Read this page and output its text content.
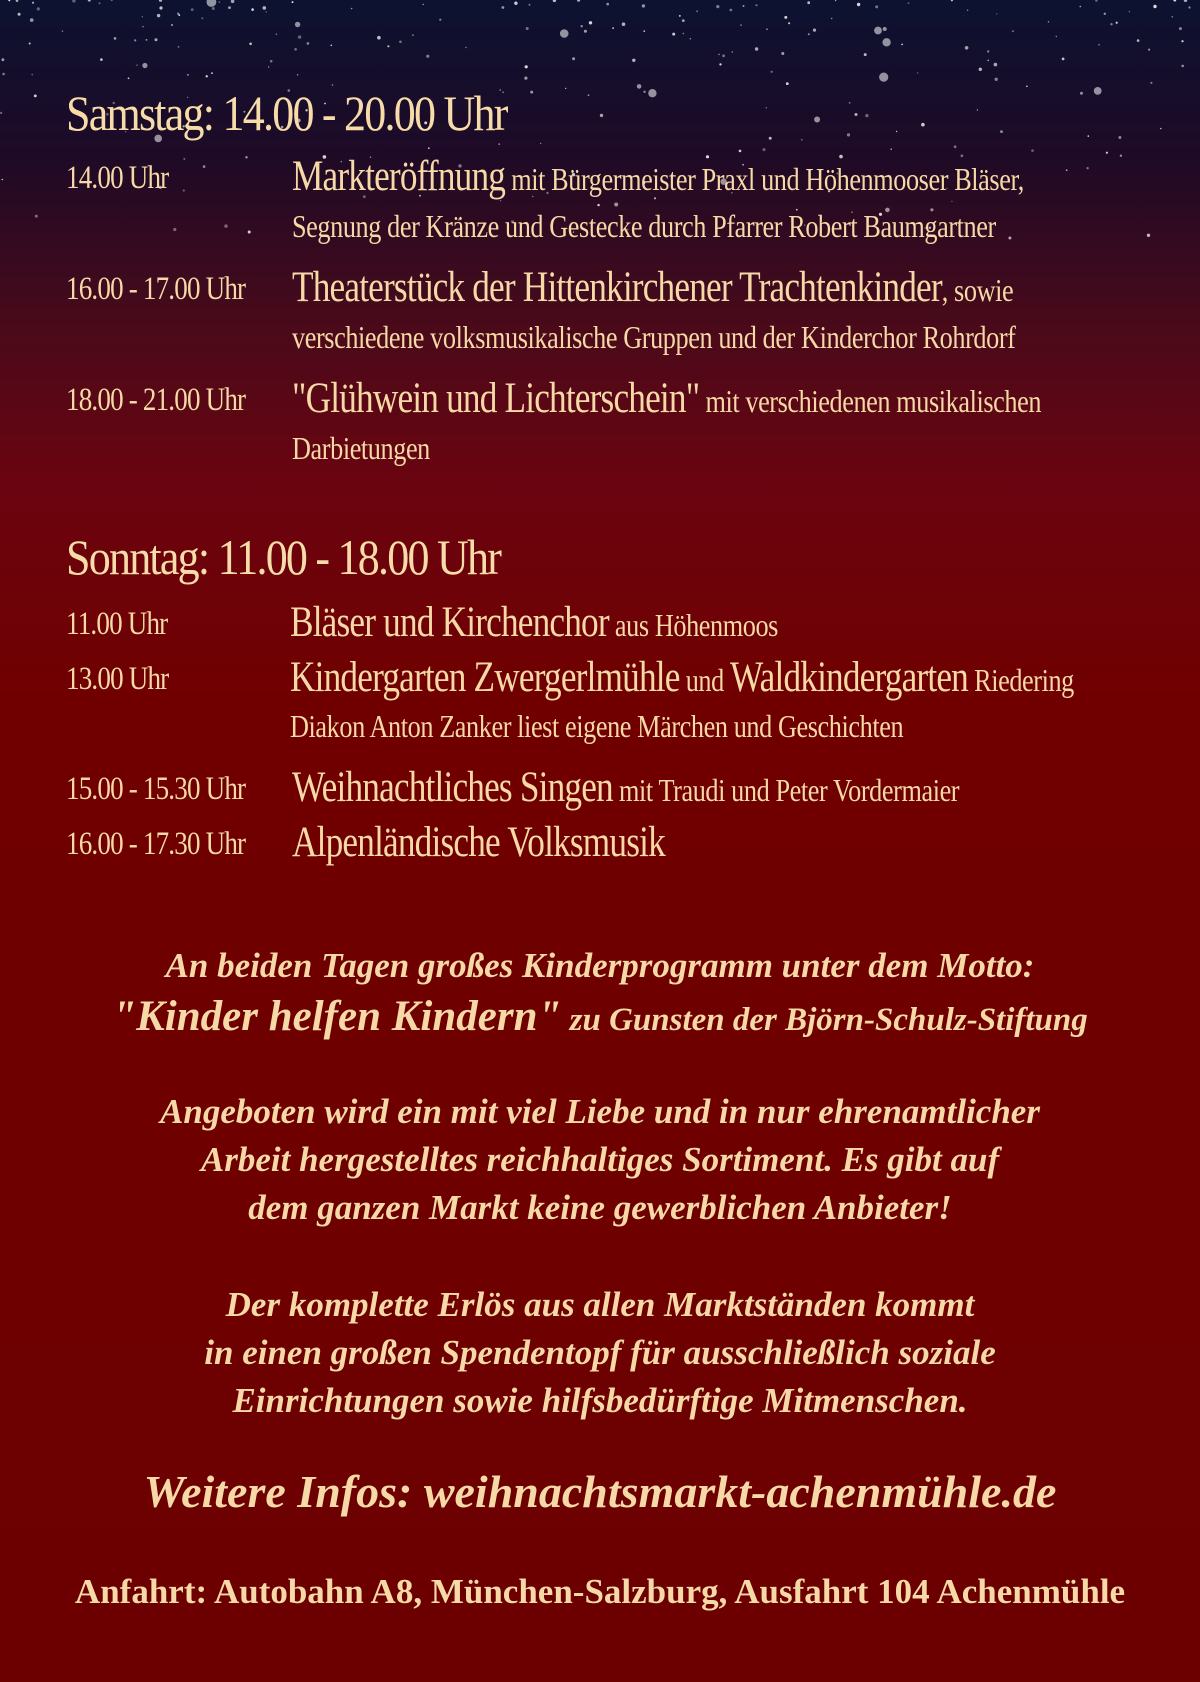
Samstag: 14.00 - 20.00 Uhr
14.00 Uhr	Markteröffnung mit Bürgermeister Praxl und Höhenmooser Bläser,
Segnung der Kränze und Gestecke durch Pfarrer Robert Baumgartner
16.00 - 17.00 Uhr Theaterstück der Hittenkirchener Trachtenkinder, sowie
verschiedene volksmusikalische Gruppen und der Kinderchor Rohrdorf
18.00 - 21.00 Uhr "Glühwein und Lichterschein" mit verschiedenen musikalischen
Darbietungen
Sonntag: 11.00 - 18.00 Uhr
11.00 Uhr	Bläser und Kirchenchor aus Höhenmoos
13.00 Uhr	Kindergarten Zwergerlmühle und Waldkindergarten Riedering
Diakon Anton Zanker liest eigene Märchen und Geschichten
15.00 - 15.30 Uhr Weihnachtliches Singen mit Traudi und Peter Vordermaier
16.00 - 17.30 Uhr Alpenländische Volksmusik
An beiden Tagen großes Kinderprogramm unter dem Motto:
"Kinder helfen Kindern" zu Gunsten der Björn-Schulz-Stiftung
Angeboten wird ein mit viel Liebe und in nur ehrenamtlicher
Arbeit hergestelltes reichhaltiges Sortiment. Es gibt auf
dem ganzen Markt keine gewerblichen Anbieter!
Der komplette Erlös aus allen Marktständen kommt
in einen großen Spendentopf für ausschließlich soziale
Einrichtungen sowie hilfsbedürftige Mitmenschen.
Weitere Infos: weihnachtsmarkt-achenmühle.de
Anfahrt: Autobahn A8, München-Salzburg, Ausfahrt 104 Achenmühle
